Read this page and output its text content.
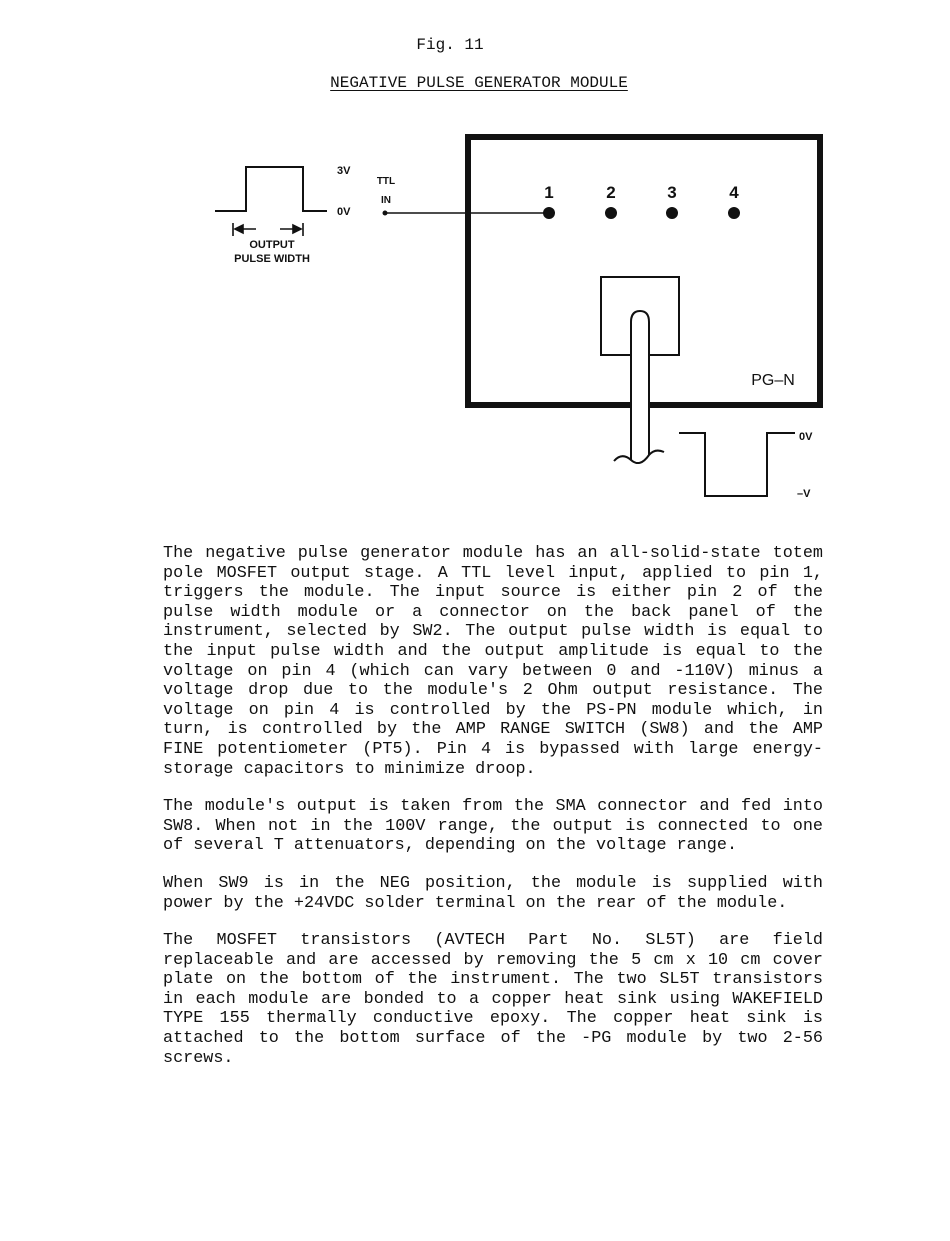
Fig. 11
NEGATIVE PULSE GENERATOR MODULE
3V
0V
OUTPUT
PULSE WIDTH
TTL
IN	1	2	3	4
PG–N
0V
–V

The negative pulse generator module has an all-solid-state totem pole MOSFET output stage. A TTL level input, applied to pin 1, triggers the module. The input source is either pin 2 of the pulse width module or a connector on the back panel of the instrument, selected by SW2. The output pulse width is equal to the input pulse width and the output amplitude is equal to the voltage on pin 4 (which can vary between 0 and -110V) minus a voltage drop due to the module's 2 Ohm output resistance. The voltage on pin 4 is controlled by the PS-PN module which, in turn, is controlled by the AMP RANGE SWITCH (SW8) and the AMP FINE potentiometer (PT5). Pin 4 is bypassed with large energy-storage capacitors to minimize droop.

The module's output is taken from the SMA connector and fed into SW8. When not in the 100V range, the output is connected to one of several T attenuators, depending on the voltage range.

When SW9 is in the NEG position, the module is supplied with power by the +24VDC solder terminal on the rear of the module.

The MOSFET transistors (AVTECH Part No. SL5T) are field replaceable and are accessed by removing the 5 cm x 10 cm cover plate on the bottom of the instrument. The two SL5T transistors in each module are bonded to a copper heat sink using WAKEFIELD TYPE 155 thermally conductive epoxy. The copper heat sink is attached to the bottom surface of the -PG module by two 2-56 screws.
